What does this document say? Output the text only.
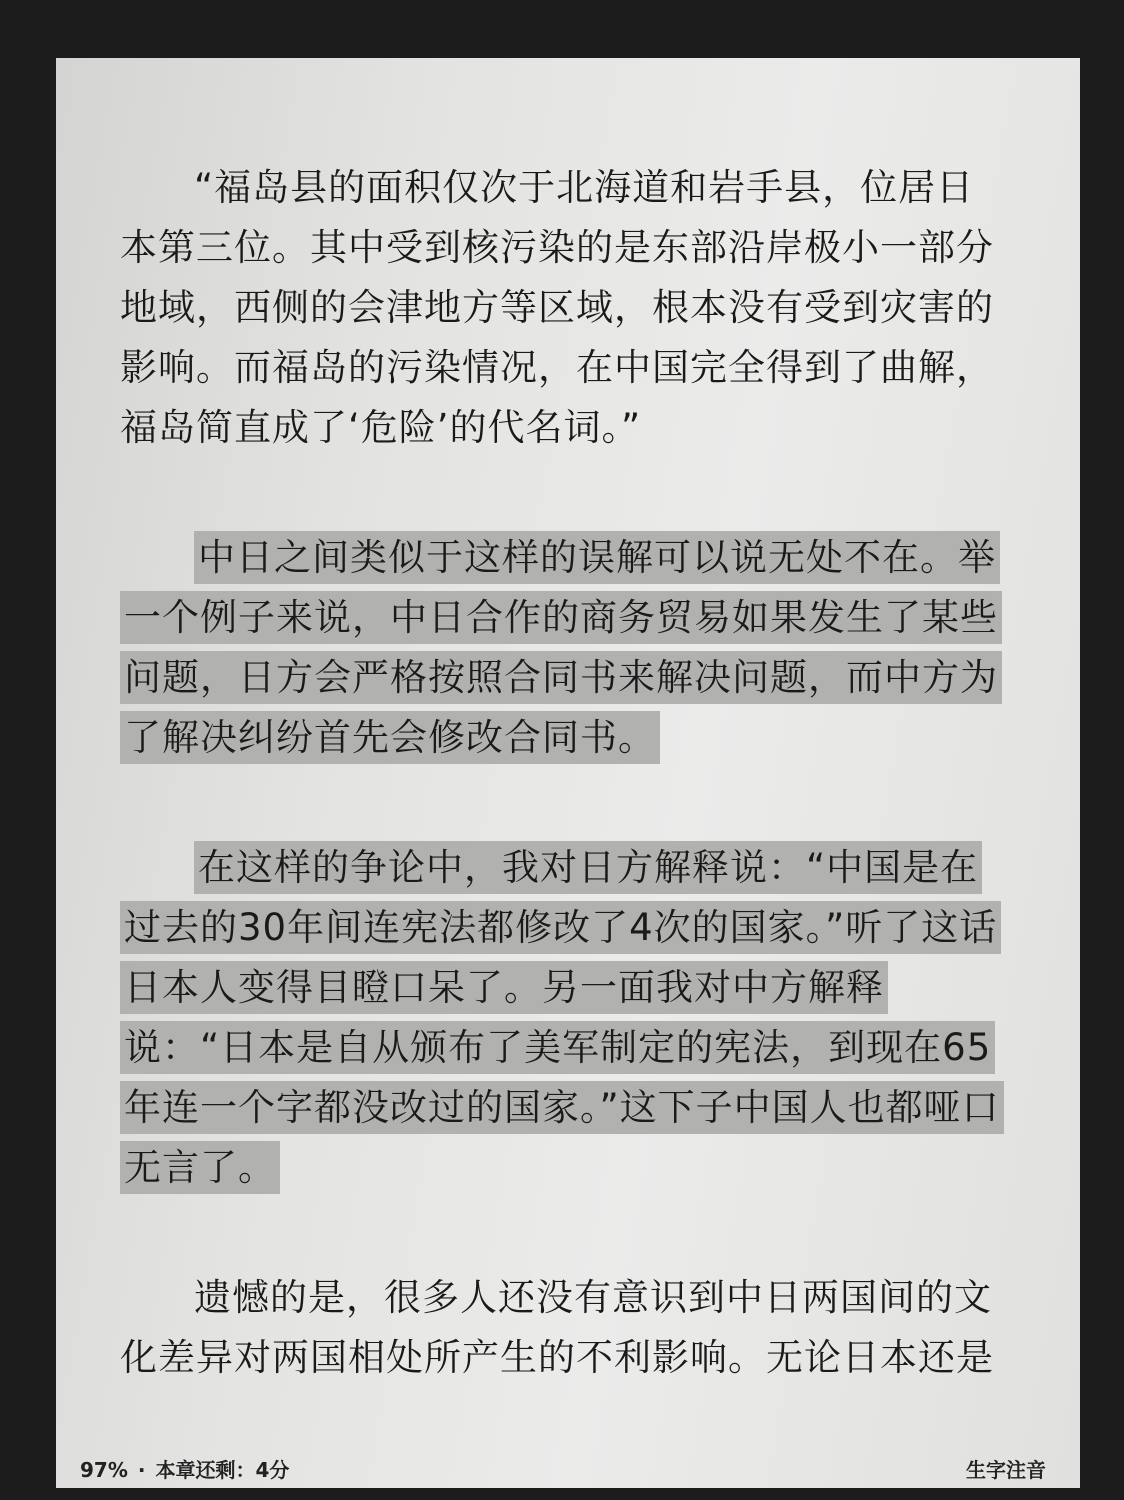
“福岛县的面积仅次于北海道和岩手县，位居日本第三位。其中受到核污染的是东部沿岸极小一部分地域，西侧的会津地方等区域，根本没有受到灾害的影响。而福岛的污染情况，在中国完全得到了曲解，福岛简直成了‘危险’的代名词。”

中日之间类似于这样的误解可以说无处不在。举一个例子来说，中日合作的商务贸易如果发生了某些问题，日方会严格按照合同书来解决问题，而中方为了解决纠纷首先会修改合同书。

在这样的争论中，我对日方解释说：“中国是在过去的30年间连宪法都修改了4次的国家。”听了这话日本人变得目瞪口呆了。另一面我对中方解释说：“日本是自从颁布了美军制定的宪法，到现在65年连一个字都没改过的国家。”这下子中国人也都哑口无言了。

遗憾的是，很多人还没有意识到中日两国间的文化差异对两国相处所产生的不利影响。无论日本还是

97% · 本章还剩：4分	生字注音
